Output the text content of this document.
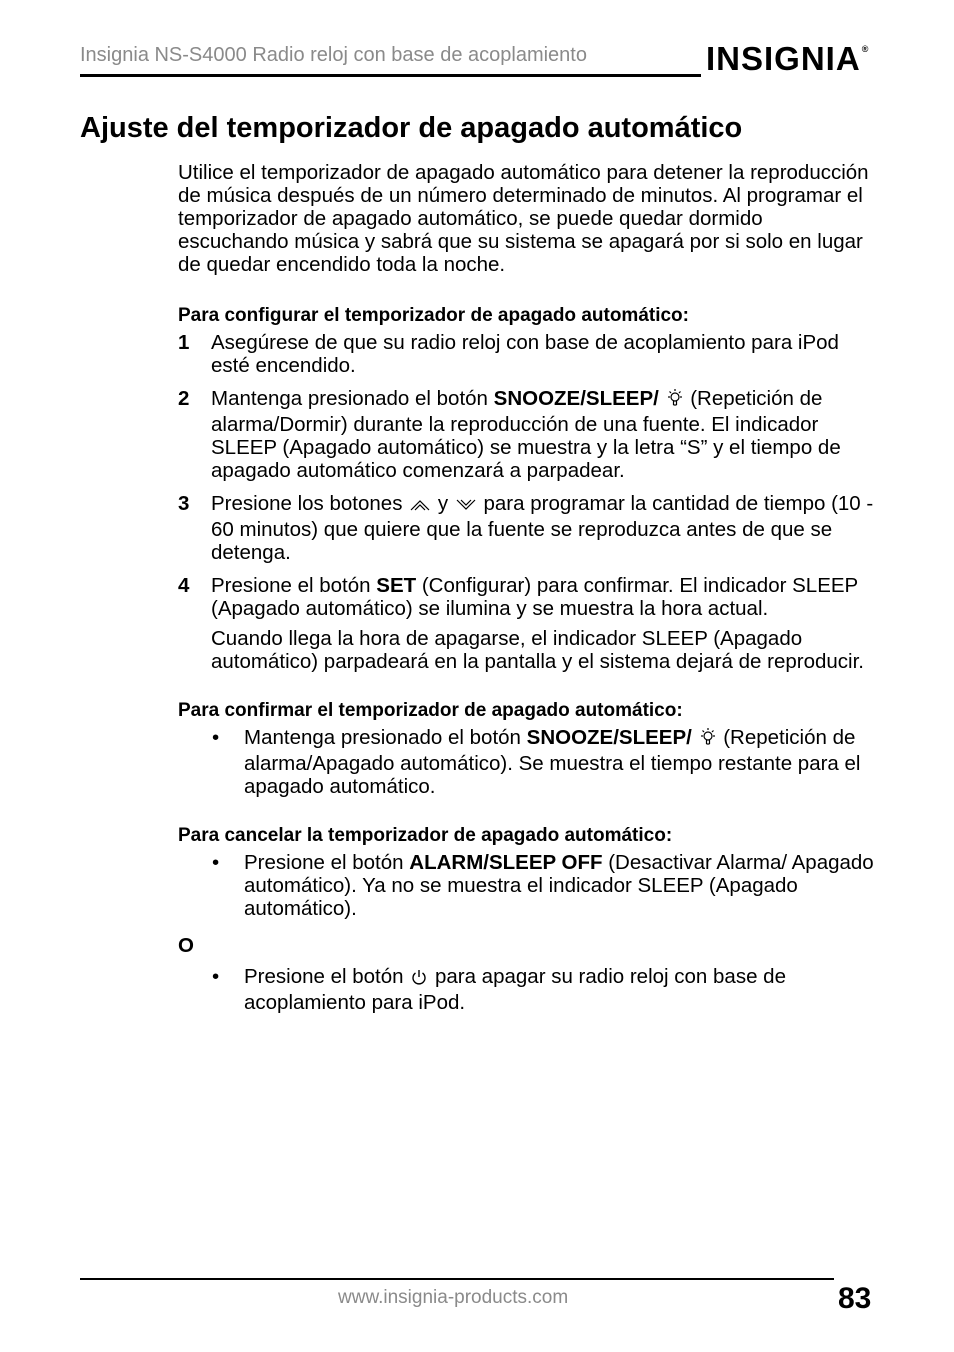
Insignia NS-S4000 Radio reloj con base de acoplamiento	INSIGNIA ®
Ajuste del temporizador de apagado automático

Utilice el temporizador de apagado automático para detener la reproducción de música después de un número determinado de minutos. Al programar el temporizador de apagado automático, se puede quedar dormido escuchando música y sabrá que su sistema se apagará por si solo en lugar de quedar encendido toda la noche.

Para configurar el temporizador de apagado automático:

1 Asegúrese de que su radio reloj con base de acoplamiento para iPod esté encendido.
2 Mantenga presionado el botón SNOOZE/SLEEP/  (Repetición de alarma/Dormir) durante la reproducción de una fuente. El indicador SLEEP (Apagado automático) se muestra y la letra “S” y el tiempo de apagado automático comenzará a parpadear.
3 Presione los botones  y  para programar la cantidad de tiempo (10 - 60 minutos) que quiere que la fuente se reproduzca antes de que se detenga.
4 Presione el botón SET (Configurar) para confirmar. El indicador SLEEP (Apagado automático) se ilumina y se muestra la hora actual.
Cuando llega la hora de apagarse, el indicador SLEEP (Apagado automático) parpadeará en la pantalla y el sistema dejará de reproducir.

Para confirmar el temporizador de apagado automático:

• Mantenga presionado el botón SNOOZE/SLEEP/  (Repetición de alarma/Apagado automático). Se muestra el tiempo restante para el apagado automático.

Para cancelar la temporizador de apagado automático:

• Presione el botón ALARM/SLEEP OFF (Desactivar Alarma/ Apagado automático). Ya no se muestra el indicador SLEEP (Apagado automático).

O

• Presione el botón  para apagar su radio reloj con base de acoplamiento para iPod.
www.insignia-products.com	83
